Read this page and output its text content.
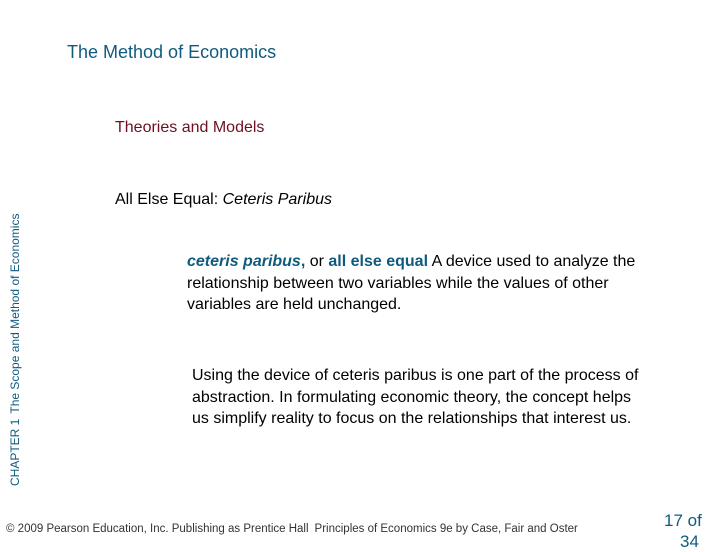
The Method of Economics
Theories and Models
CHAPTER 1The Scope and Method of Economics
All Else Equal: Ceteris Paribus
ceteris paribus, or all else equal A device used to analyze the relationship between two variables while the values of other variables are held unchanged.
Using the device of ceteris paribus is one part of the process of abstraction. In formulating economic theory, the concept helps us simplify reality to focus on the relationships that interest us.
© 2009 Pearson Education, Inc. Publishing as Prentice Hall Principles of Economics 9e by Case, Fair and Oster	17 of
34
